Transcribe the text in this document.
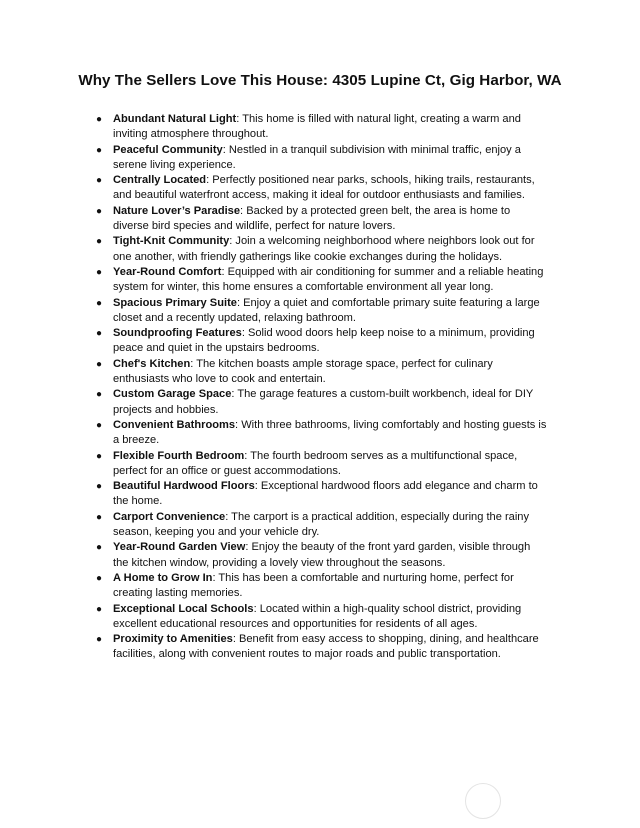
Why The Sellers Love This House: 4305 Lupine Ct, Gig Harbor, WA
● Abundant Natural Light: This home is filled with natural light, creating a warm and inviting atmosphere throughout.
● Peaceful Community: Nestled in a tranquil subdivision with minimal traffic, enjoy a serene living experience.
● Centrally Located: Perfectly positioned near parks, schools, hiking trails, restaurants, and beautiful waterfront access, making it ideal for outdoor enthusiasts and families.
● Nature Lover’s Paradise: Backed by a protected green belt, the area is home to diverse bird species and wildlife, perfect for nature lovers.
● Tight-Knit Community: Join a welcoming neighborhood where neighbors look out for one another, with friendly gatherings like cookie exchanges during the holidays.
● Year-Round Comfort: Equipped with air conditioning for summer and a reliable heating system for winter, this home ensures a comfortable environment all year long.
● Spacious Primary Suite: Enjoy a quiet and comfortable primary suite featuring a large closet and a recently updated, relaxing bathroom.
● Soundproofing Features: Solid wood doors help keep noise to a minimum, providing peace and quiet in the upstairs bedrooms.
● Chef's Kitchen: The kitchen boasts ample storage space, perfect for culinary enthusiasts who love to cook and entertain.
● Custom Garage Space: The garage features a custom-built workbench, ideal for DIY projects and hobbies.
● Convenient Bathrooms: With three bathrooms, living comfortably and hosting guests is a breeze.
● Flexible Fourth Bedroom: The fourth bedroom serves as a multifunctional space, perfect for an office or guest accommodations.
● Beautiful Hardwood Floors: Exceptional hardwood floors add elegance and charm to the home.
● Carport Convenience: The carport is a practical addition, especially during the rainy season, keeping you and your vehicle dry.
● Year-Round Garden View: Enjoy the beauty of the front yard garden, visible through the kitchen window, providing a lovely view throughout the seasons.
● A Home to Grow In: This has been a comfortable and nurturing home, perfect for creating lasting memories.
● Exceptional Local Schools: Located within a high-quality school district, providing excellent educational resources and opportunities for residents of all ages.
● Proximity to Amenities: Benefit from easy access to shopping, dining, and healthcare facilities, along with convenient routes to major roads and public transportation.
